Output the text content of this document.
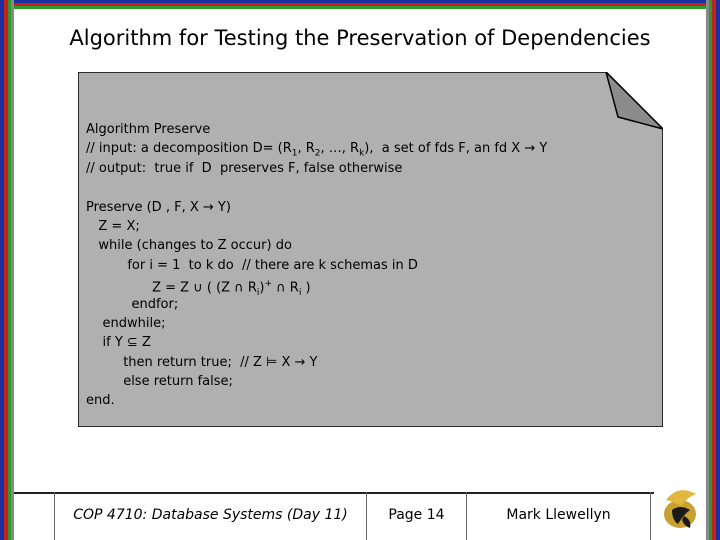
Algorithm for Testing the Preservation of Dependencies
Algorithm Preserve
// input: a decomposition $D= (R_1$, $R_2$, …, $R_k$),  a set of fds F, an fd X → Y
// output:  true if  D  preserves F, false otherwise
Preserve (D , F, X → Y)
Z = X;
while (changes to Z occur) do
for i = 1  to k do  // there are k schemas in D
Z = Z ∪ ( (Z ∩ $R_i)^+$ ∩ $R_i$ )
endfor;
endwhile;
if Y ⊆ Z
then return true;  // Z ⊨ X → Y
else return false;
end.
COP 4710: Database Systems (Day 11)	Page 14	Mark Llewellyn
